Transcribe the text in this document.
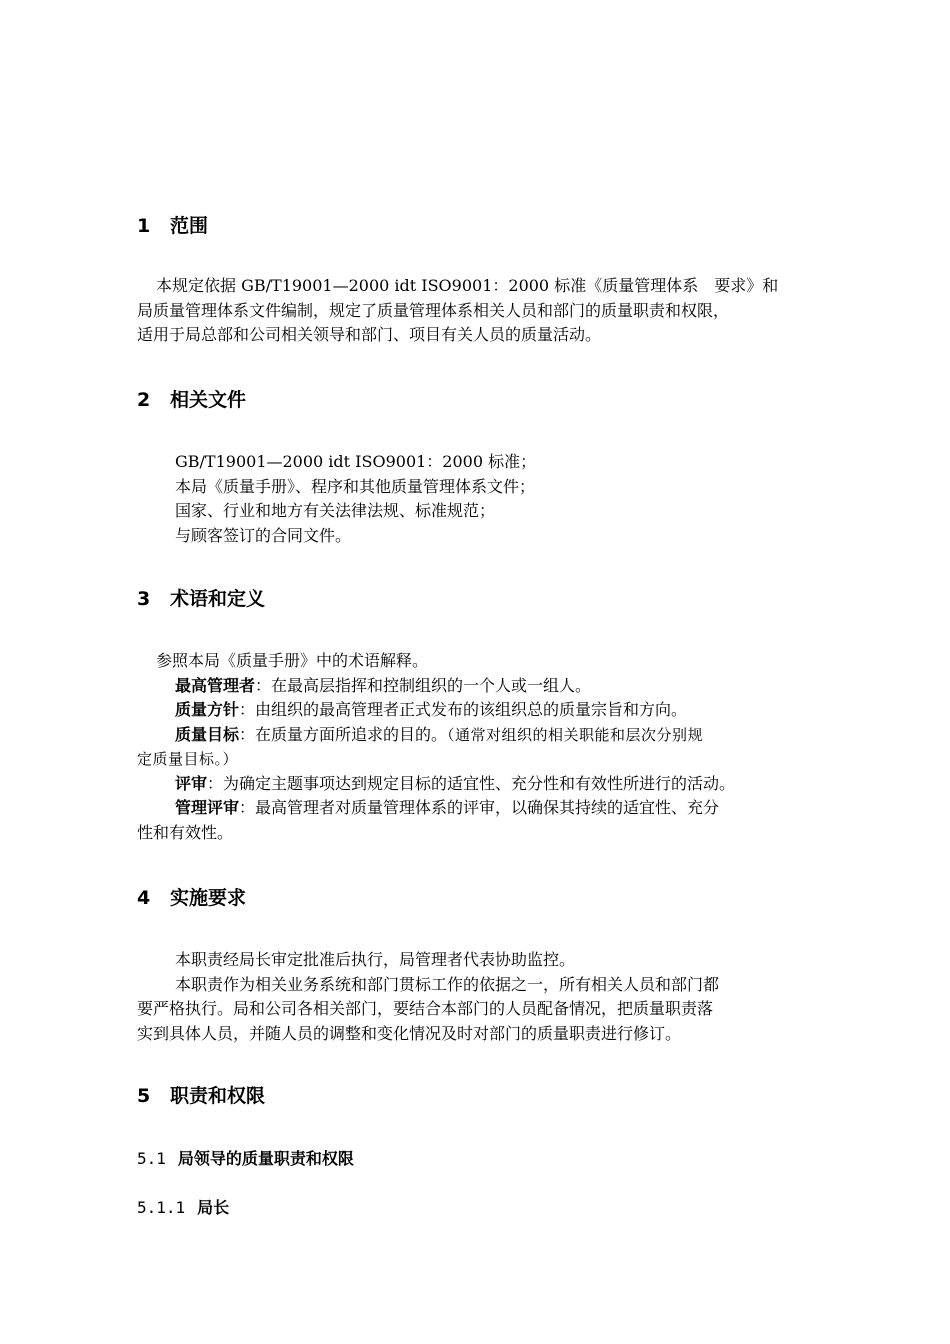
1 范围
本规定依据 GB/T19001—2000 idt ISO9001：2000 标准《质量管理体系　要求》和
局质量管理体系文件编制，规定了质量管理体系相关人员和部门的质量职责和权限，
适用于局总部和公司相关领导和部门、项目有关人员的质量活动。
2 相关文件
GB/T19001—2000 idt ISO9001：2000 标准；
本局《质量手册》、程序和其他质量管理体系文件；
国家、行业和地方有关法律法规、标准规范；
与顾客签订的合同文件。
3 术语和定义
参照本局《质量手册》中的术语解释。
最高管理者：在最高层指挥和控制组织的一个人或一组人。
质量方针：由组织的最高管理者正式发布的该组织总的质量宗旨和方向。
质量目标：在质量方面所追求的目的。（通常对组织的相关职能和层次分别规
定质量目标。）
评审：为确定主题事项达到规定目标的适宜性、充分性和有效性所进行的活动。
管理评审：最高管理者对质量管理体系的评审，以确保其持续的适宜性、充分
性和有效性。
4 实施要求
本职责经局长审定批准后执行，局管理者代表协助监控。
本职责作为相关业务系统和部门贯标工作的依据之一，所有相关人员和部门都
要严格执行。局和公司各相关部门，要结合本部门的人员配备情况，把质量职责落
实到具体人员，并随人员的调整和变化情况及时对部门的质量职责进行修订。
5 职责和权限
5.1 局领导的质量职责和权限
5.1.1 局长
